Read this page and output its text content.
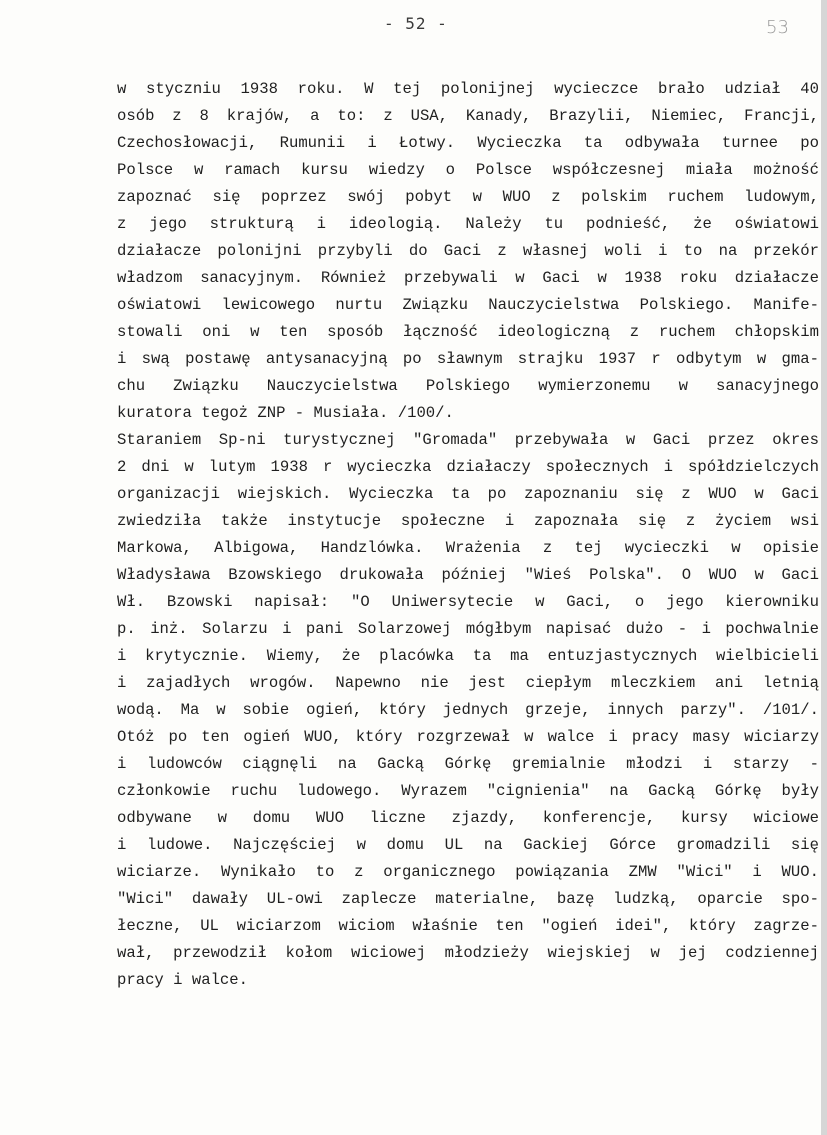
- 52 -	53
w styczniu 1938 roku. W tej polonijnej wycieczce brało udział 40
osób z 8 krajów, a to: z USA, Kanady, Brazylii, Niemiec, Francji,
Czechosłowacji, Rumunii i Łotwy. Wycieczka ta odbywała turnee po
Polsce w ramach kursu wiedzy o Polsce współczesnej miała możność
zapoznać się poprzez swój pobyt w WUO z polskim ruchem ludowym,
z jego strukturą i ideologią. Należy tu podnieść, że oświatowi
działacze polonijni przybyli do Gaci z własnej woli i to na przekór
władzom sanacyjnym. Również przebywali w Gaci w 1938 roku działacze
oświatowi lewicowego nurtu Związku Nauczycielstwa Polskiego. Manife-
stowali oni w ten sposób łączność ideologiczną z ruchem chłopskim
i swą postawę antysanacyjną po sławnym strajku 1937 r odbytym w gma-
chu Związku Nauczycielstwa Polskiego wymierzonemu w sanacyjnego
kuratora tegoż ZNP - Musiała. /100/.
Staraniem Sp-ni turystycznej "Gromada" przebywała w Gaci przez okres
2 dni w lutym 1938 r wycieczka działaczy społecznych i spółdzielczych
organizacji wiejskich. Wycieczka ta po zapoznaniu się z WUO w Gaci
zwiedziła także instytucje społeczne i zapoznała się z życiem wsi
Markowa, Albigowa, Handzlówka. Wrażenia z tej wycieczki w opisie
Władysława Bzowskiego drukowała później "Wieś Polska". O WUO w Gaci
Wł. Bzowski napisał: "O Uniwersytecie w Gaci, o jego kierowniku
p. inż. Solarzu i pani Solarzowej mógłbym napisać dużo - i pochwalnie
i krytycznie. Wiemy, że placówka ta ma entuzjastycznych wielbicieli
i zajadłych wrogów. Napewno nie jest ciepłym mleczkiem ani letnią
wodą. Ma w sobie ogień, który jednych grzeje, innych parzy". /101/.
Otóż po ten ogień WUO, który rozgrzewał w walce i pracy masy wiciarzy
i ludowców ciągnęli na Gacką Górkę gremialnie młodzi i starzy -
członkowie ruchu ludowego. Wyrazem "cignienia" na Gacką Górkę były
odbywane w domu WUO liczne zjazdy, konferencje, kursy wiciowe
i ludowe. Najczęściej w domu UL na Gackiej Górce gromadzili się
wiciarze. Wynikało to z organicznego powiązania ZMW "Wici" i WUO.
"Wici" dawały UL-owi zaplecze materialne, bazę ludzką, oparcie spo-
łeczne, UL wiciarzom wiciom właśnie ten "ogień idei", który zagrze-
wał, przewodził kołom wiciowej młodzieży wiejskiej w jej codziennej
pracy i walce.
